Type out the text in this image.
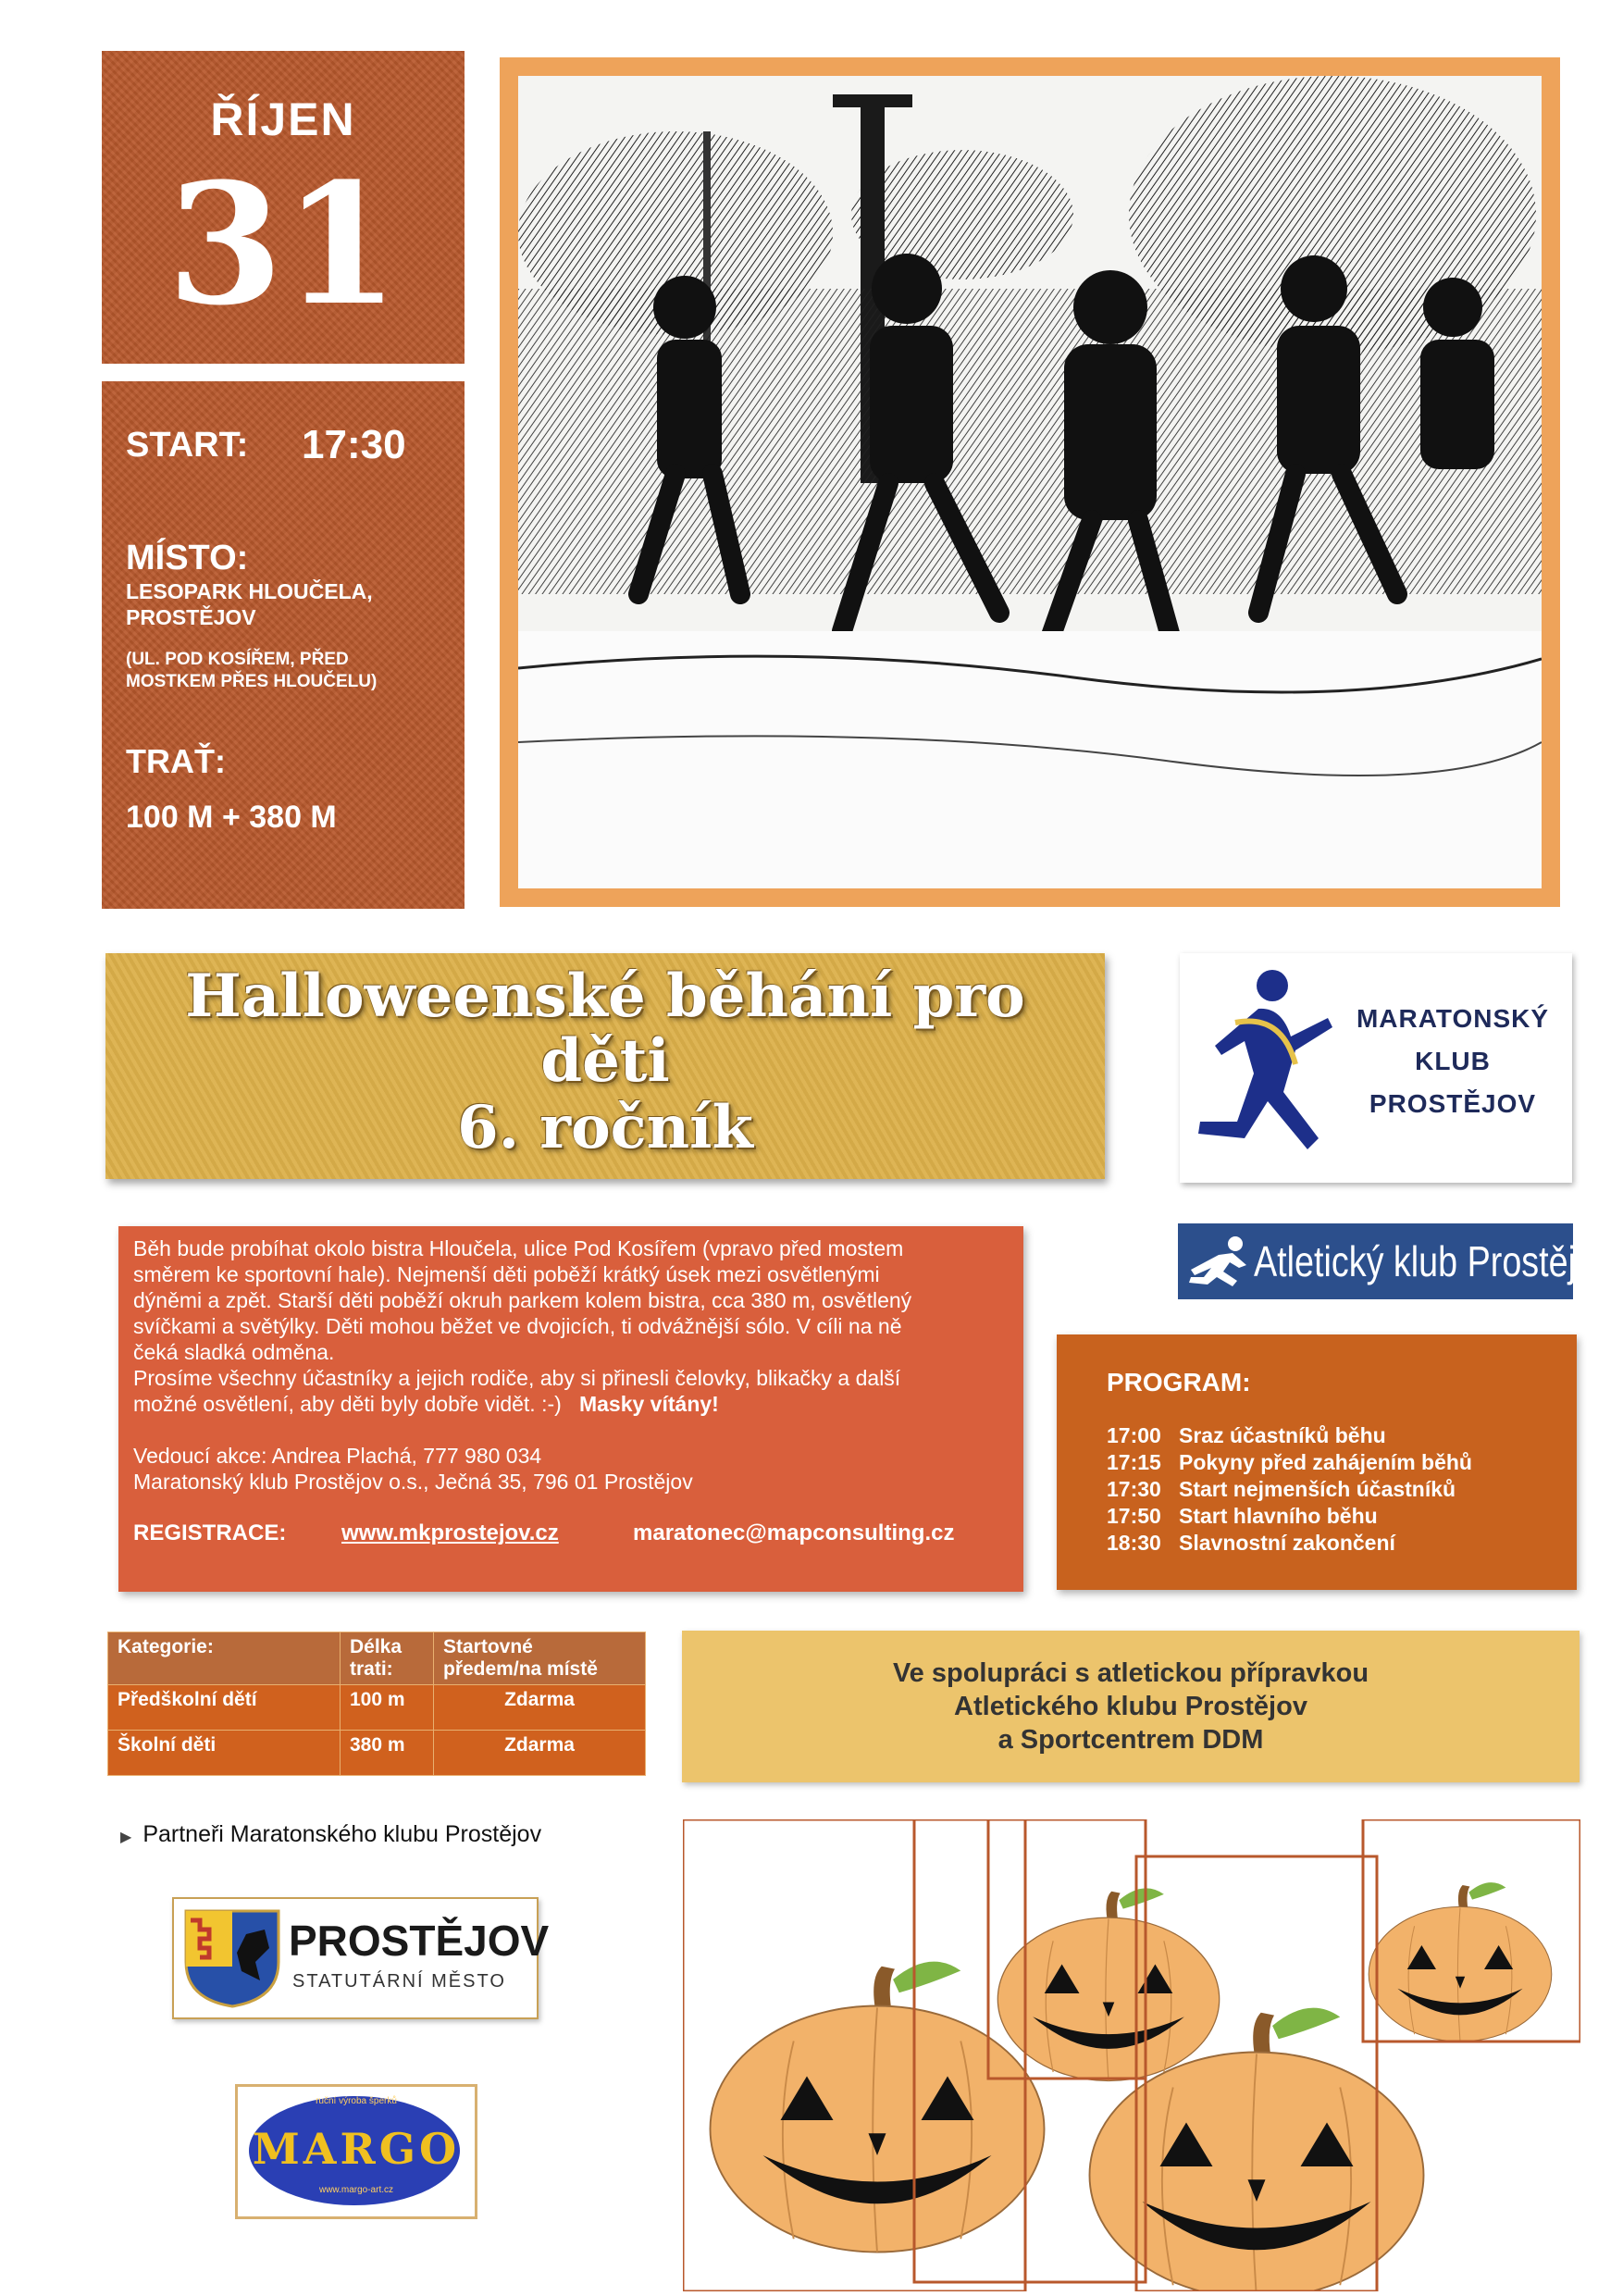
ŘÍJEN
31
START: 17:30
MÍSTO:
LESOPARK HLOUČELA,
PROSTĚJOV
(UL. POD KOSÍŘEM, PŘED
MOSTKEM PŘES HLOUČELU)
TRAŤ:
100 M + 380 M
Halloweenské běhání pro
děti
6. ročník
MARATONSKÝ
KLUB
PROSTĚJOV
Atletický klub Prostějov

Běh bude probíhat okolo bistra Hloučela, ulice Pod Kosířem (vpravo před mostem

směrem ke sportovní hale). Nejmenší děti poběží krátký úsek mezi osvětlenými

dýněmi a zpět. Starší děti poběží okruh parkem kolem bistra, cca 380 m, osvětlený

svíčkami a světýlky. Děti mohou běžet ve dvojicích, ti odvážnější sólo. V cíli na ně

čeká sladká odměna.

Prosíme všechny účastníky a jejich rodiče, aby si přinesli čelovky, blikačky a další

možné osvětlení, aby děti byly dobře vidět. :-) Masky vítány!

Vedoucí akce: Andrea Plachá, 777 980 034

Maratonský klub Prostějov o.s., Ječná 35, 796 01 Prostějov

REGISTRACE: www.mkprostejov.cz	maratonec@mapconsulting.cz

PROGRAM:
17:00 Sraz účastníků běhu
17:15 Pokyny před zahájením běhů
17:30 Start nejmenších účastníků
17:50 Start hlavního běhu
18:30 Slavnostní zakončení
Kategorie:	Délka trati:	Startovné předem/na místě
Předškolní dětí	100 m	Zdarma
Školní děti	380 m	Zdarma
Ve spolupráci s atletickou přípravkou
Atletického klubu Prostějov
a Sportcentrem DDM
▶ Partneři Maratonského klubu Prostějov
PROSTĚJOV
STATUTÁRNÍ MĚSTO
ruční výroba šperků
MARGO
www.margo-art.cz
